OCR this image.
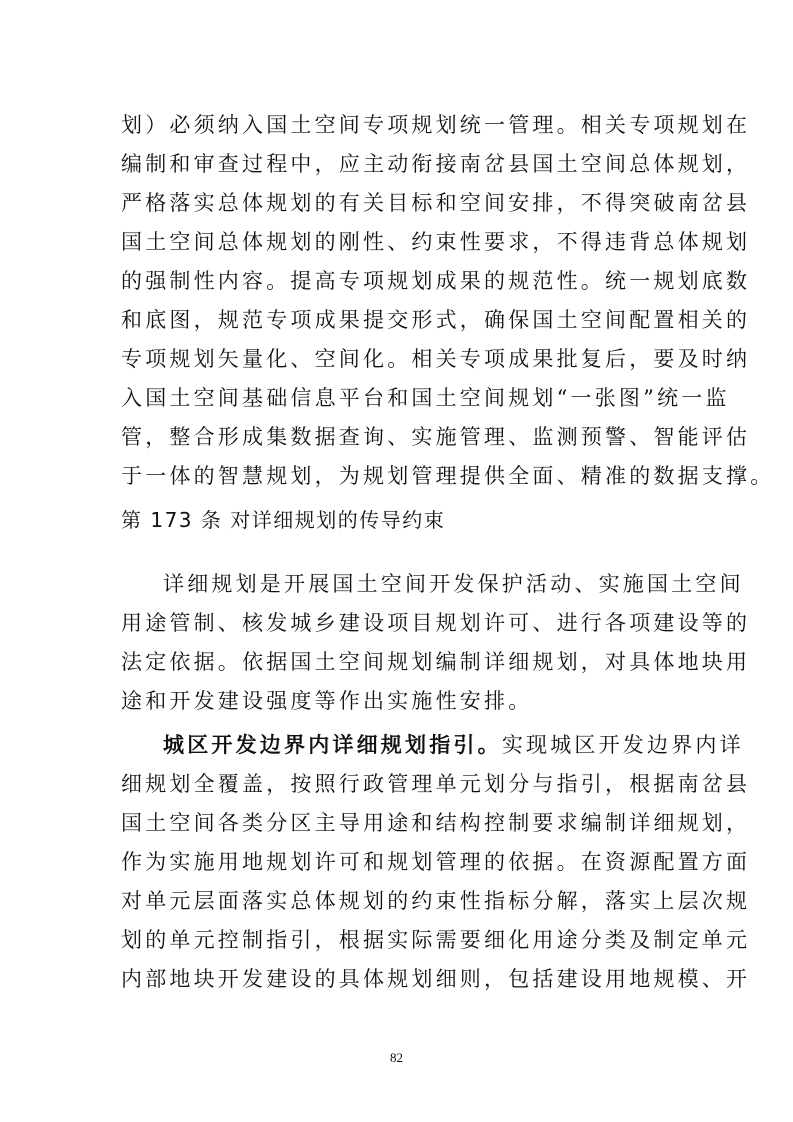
划）必须纳入国土空间专项规划统一管理。相关专项规划在
编制和审查过程中，应主动衔接南岔县国土空间总体规划，
严格落实总体规划的有关目标和空间安排，不得突破南岔县
国土空间总体规划的刚性、约束性要求，不得违背总体规划
的强制性内容。提高专项规划成果的规范性。统一规划底数
和底图，规范专项成果提交形式，确保国土空间配置相关的
专项规划矢量化、空间化。相关专项成果批复后，要及时纳
入国土空间基础信息平台和国土空间规划“一张图”统一监
管，整合形成集数据查询、实施管理、监测预警、智能评估
于一体的智慧规划，为规划管理提供全面、精准的数据支撑。
第 173 条 对详细规划的传导约束
详细规划是开展国土空间开发保护活动、实施国土空间
用途管制、核发城乡建设项目规划许可、进行各项建设等的
法定依据。依据国土空间规划编制详细规划，对具体地块用
途和开发建设强度等作出实施性安排。
城区开发边界内详细规划指引。实现城区开发边界内详
细规划全覆盖，按照行政管理单元划分与指引，根据南岔县
国土空间各类分区主导用途和结构控制要求编制详细规划，
作为实施用地规划许可和规划管理的依据。在资源配置方面
对单元层面落实总体规划的约束性指标分解，落实上层次规
划的单元控制指引，根据实际需要细化用途分类及制定单元
内部地块开发建设的具体规划细则，包括建设用地规模、开
82
